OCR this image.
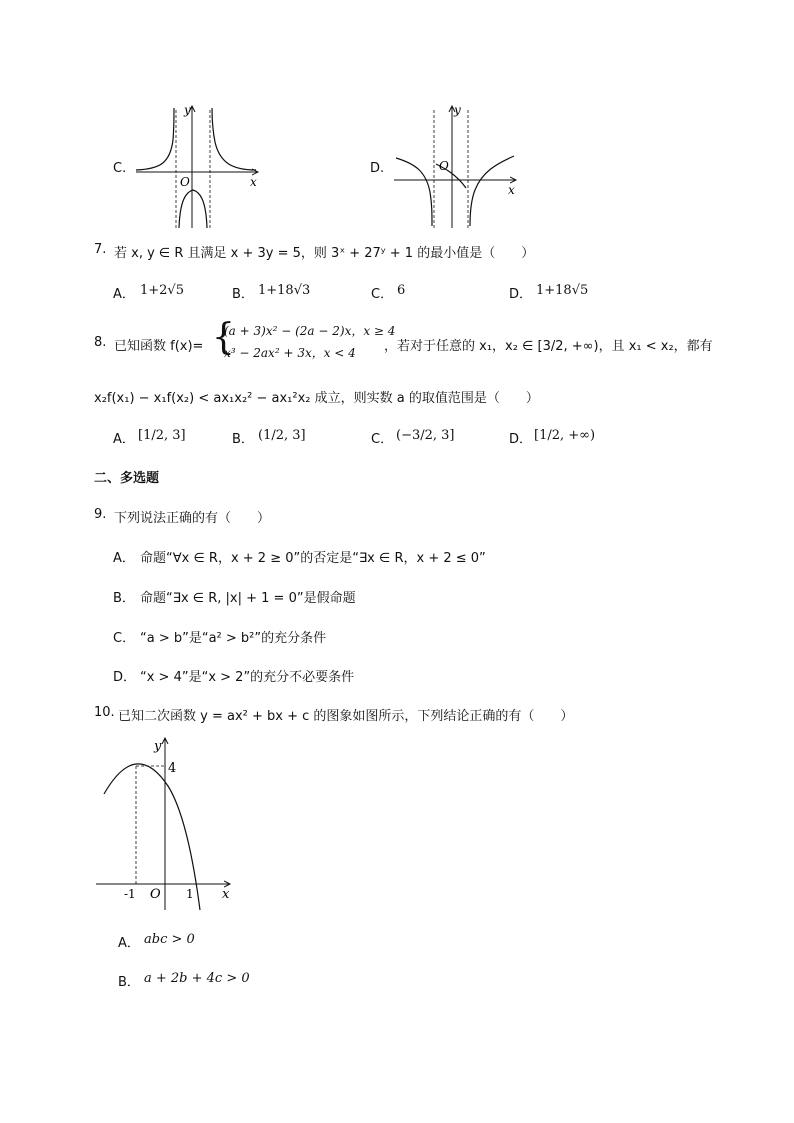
C.
y
x
O
D.
y
x
O
7. 若 x, y ∈ R 且满足 x + 3y = 5，则 3ˣ + 27ʸ + 1 的最小值是（　　）
A． 1+2√5	B． 1+18√3	C． 6	D． 1+18√5
8. 已知函数 f(x)= {
(a + 3)x² − (2a − 2)x，x ≥ 4
x³ − 2ax² + 3x，x < 4 ，若对于任意的 x₁，x₂ ∈ [3/2, +∞)，且 x₁ < x₂，都有
x₂f(x₁) − x₁f(x₂) < ax₁x₂² − ax₁²x₂ 成立，则实数 a 的取值范围是（　　）
A． [1/2, 3]	B． (1/2, 3]	C． (−3/2, 3]	D． [1/2, +∞)
二、多选题
9. 下列说法正确的有（　　）
A． 命题“∀x ∈ R，x + 2 ≥ 0”的否定是“∃x ∈ R，x + 2 ≤ 0”
B． 命题“∃x ∈ R, |x| + 1 = 0”是假命题
C． “a > b”是“a² > b²”的充分条件
D． “x > 4”是“x > 2”的充分不必要条件
10. 已知二次函数 y = ax² + bx + c 的图象如图所示，下列结论正确的有（　　）
y
x
4
-1 O 1
A． abc > 0
B． a + 2b + 4c > 0
